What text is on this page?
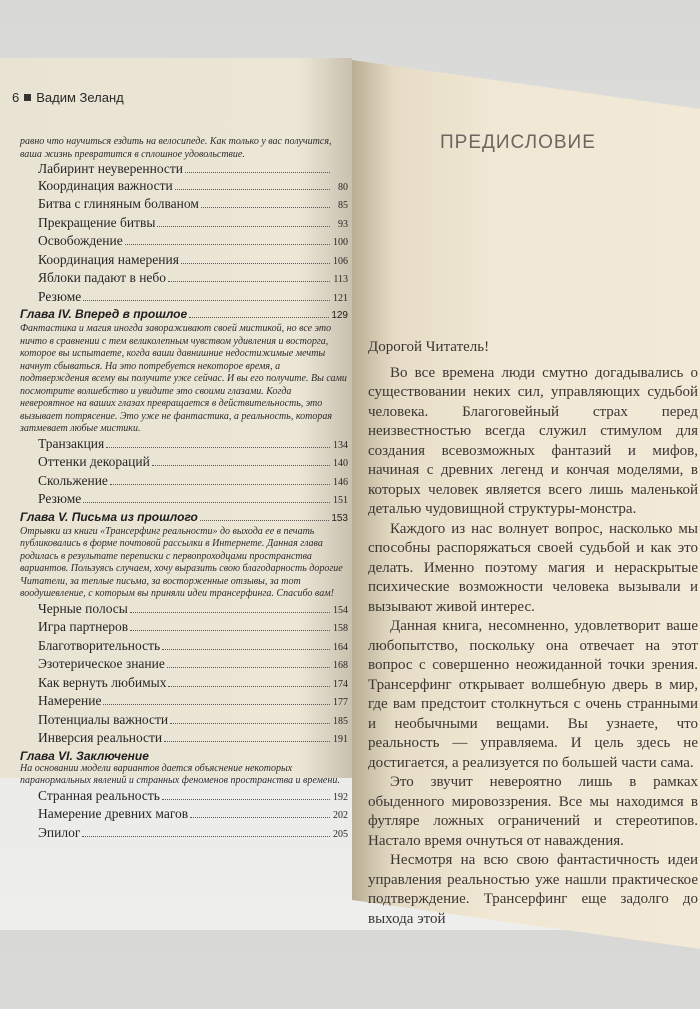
6 Вадим Зеланд
равно что научиться ездить на велосипеде. Как только у вас получится, ваша жизнь превратится в сплошное удовольствие.
Лабиринт неуверенности
Координация важности	80
Битва с глиняным болваном	85
Прекращение битвы	93
Освобождение	100
Координация намерения	106
Яблоки падают в небо	113
Резюме	121
Глава IV. Вперед в прошлое	129
Фантастика и магия иногда завораживают своей мистикой, но все это ничто в сравнении с тем великолепным чувством удивления и восторга, которое вы испытаете, когда ваши давнишние недостижимые мечты начнут сбываться. На это потребуется некоторое время, а подтверждения всему вы получите уже сейчас. И вы его получите. Вы сами посмотрите волшебство и увидите это своими глазами. Когда невероятное на ваших глазах превращается в действительность, это вызывает потрясение. Это уже не фантастика, а реальность, которая затмевает любые мистики.
Транзакция	134
Оттенки декораций	140
Скольжение	146
Резюме	151
Глава V. Письма из прошлого	153
Отрывки из книги «Трансерфинг реальности» до выхода ее в печать публиковались в форме почтовой рассылки в Интернете. Данная глава родилась в результате переписки с первопроходцами пространства вариантов. Пользуясь случаем, хочу выразить свою благодарность дорогие Читатели, за теплые письма, за восторженные отзывы, за тот воодушевление, с которым вы приняли идеи трансерфинга. Спасибо вам!
Черные полосы	154
Игра партнеров	158
Благотворительность	164
Эзотерическое знание	168
Как вернуть любимых	174
Намерение	177
Потенциалы важности	185
Инверсия реальности	191
Глава VI. Заключение
На основании модели вариантов дается объяснение некоторых паранормальных явлений и странных феноменов пространства и времени.
Странная реальность	192
Намерение древних магов	202
Эпилог	205
ПРЕДИСЛОВИЕ

Дорогой Читатель!

Во все времена люди смутно догадывались о существовании неких сил, управляющих судьбой человека. Благоговейный страх перед неизвестностью всегда служил стимулом для создания всевозможных фантазий и мифов, начиная с древних легенд и кончая моделями, в которых человек является всего лишь маленькой деталью чудовищной структуры-монстра.

Каждого из нас волнует вопрос, насколько мы способны распоряжаться своей судьбой и как это делать. Именно поэтому магия и нераскрытые психические возможности человека вызывали и вызывают живой интерес.

Данная книга, несомненно, удовлетворит ваше любопытство, поскольку она отвечает на этот вопрос с совершенно неожиданной точки зрения. Трансерфинг открывает волшебную дверь в мир, где вам предстоит столкнуться с очень странными и необычными вещами. Вы узнаете, что реальность — управляема. И цель здесь не достигается, а реализуется по большей части сама.

Это звучит невероятно лишь в рамках обыденного мировоззрения. Все мы находимся в футляре ложных ограничений и стереотипов. Настало время очнуться от наваждения.

Несмотря на всю свою фантастичность идеи управления реальностью уже нашли практическое подтверждение. Трансерфинг еще задолго до выхода этой
